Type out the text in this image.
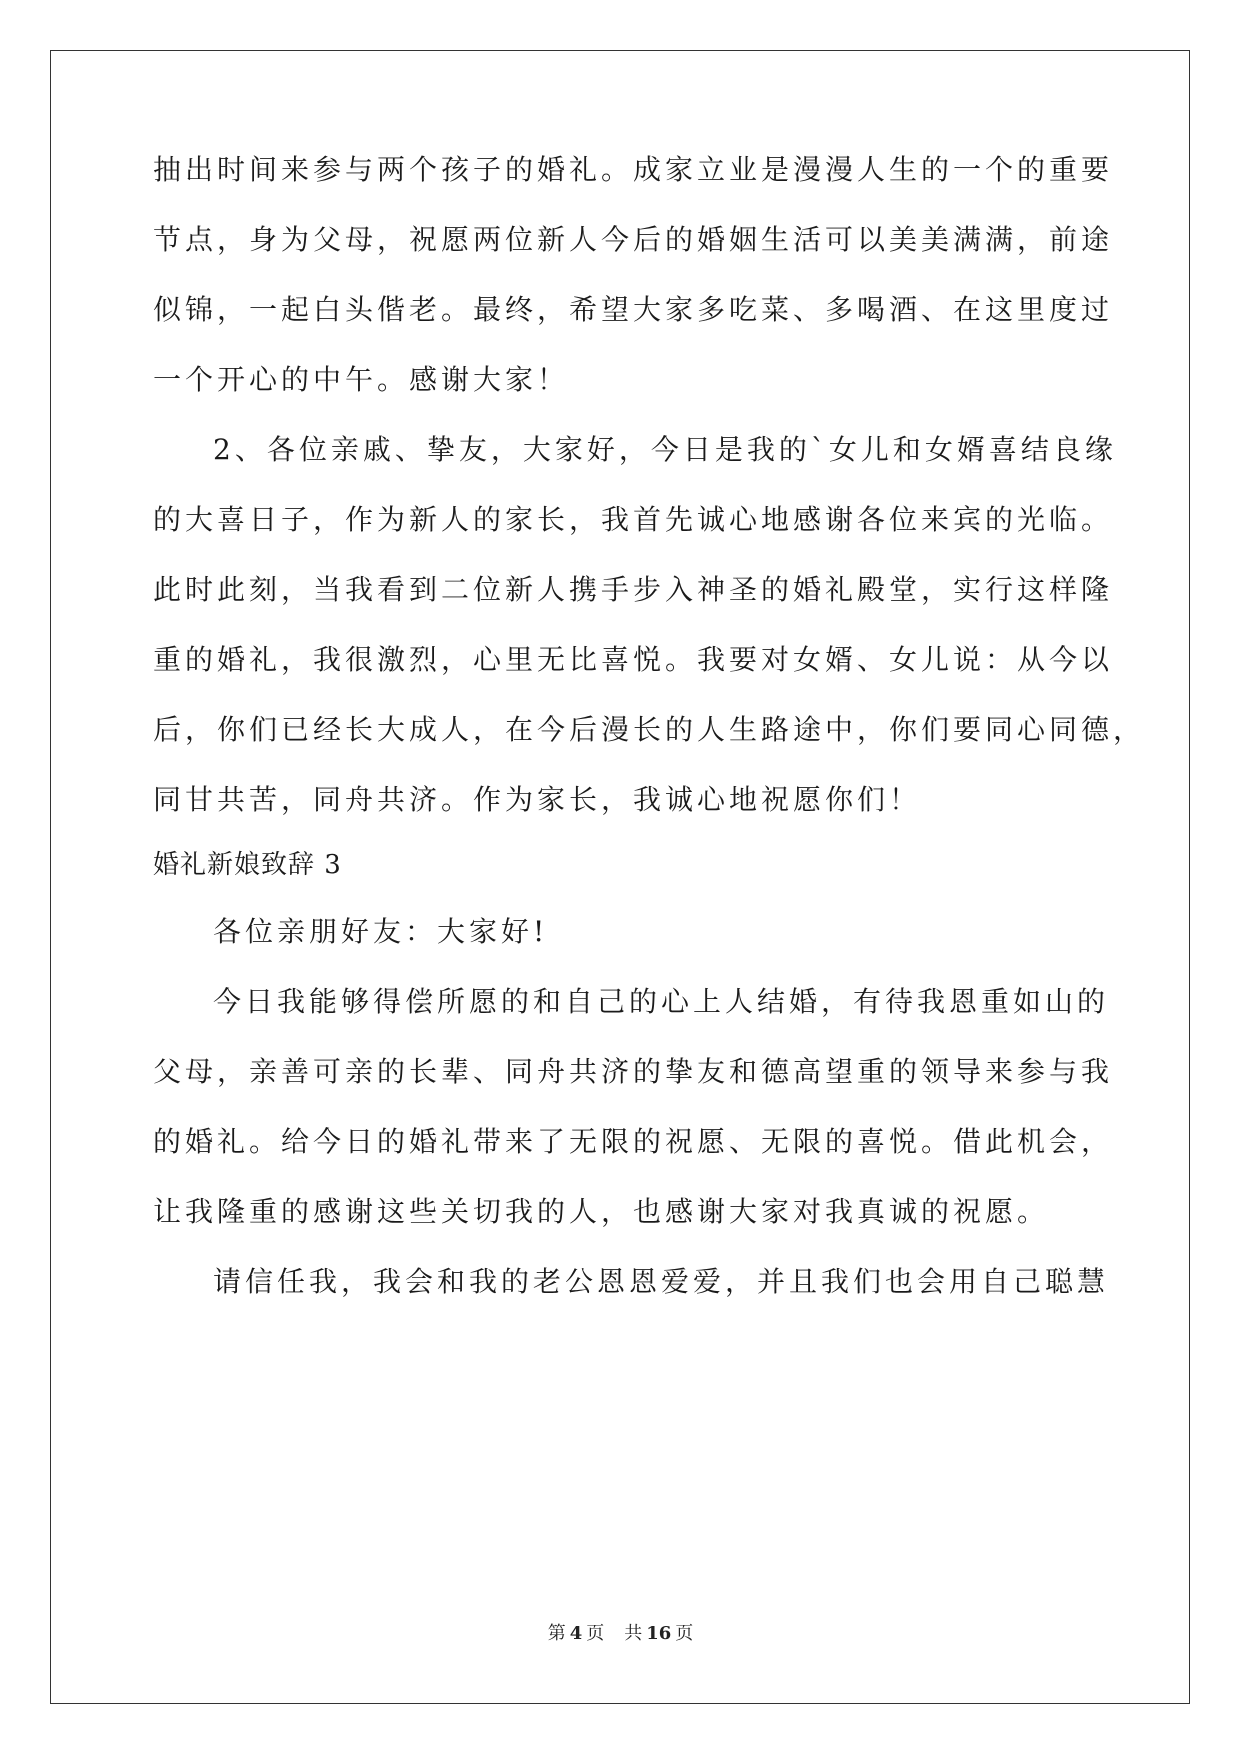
抽出时间来参与两个孩子的婚礼。成家立业是漫漫人生的一个的重要
节点，身为父母，祝愿两位新人今后的婚姻生活可以美美满满，前途
似锦，一起白头偕老。最终，希望大家多吃菜、多喝酒、在这里度过
一个开心的中午。感谢大家！
2、各位亲戚、挚友，大家好，今日是我的`女儿和女婿喜结良缘
的大喜日子，作为新人的家长，我首先诚心地感谢各位来宾的光临。
此时此刻，当我看到二位新人携手步入神圣的婚礼殿堂，实行这样隆
重的婚礼，我很激烈，心里无比喜悦。我要对女婿、女儿说：从今以
后，你们已经长大成人，在今后漫长的人生路途中，你们要同心同德，
同甘共苦，同舟共济。作为家长，我诚心地祝愿你们！
婚礼新娘致辞 3
各位亲朋好友：大家好!
今日我能够得偿所愿的和自己的心上人结婚，有待我恩重如山的
父母，亲善可亲的长辈、同舟共济的挚友和德高望重的领导来参与我
的婚礼。给今日的婚礼带来了无限的祝愿、无限的喜悦。借此机会，
让我隆重的感谢这些关切我的人，也感谢大家对我真诚的祝愿。
请信任我，我会和我的老公恩恩爱爱，并且我们也会用自己聪慧
第 4 页 共 16 页
